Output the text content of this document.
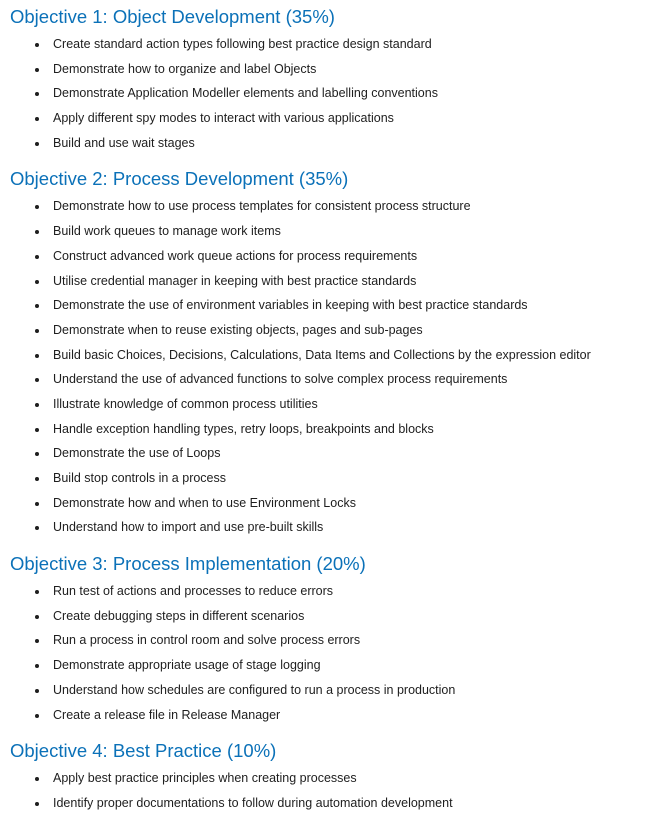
Objective 1: Object Development (35%)
Create standard action types following best practice design standard
Demonstrate how to organize and label Objects
Demonstrate Application Modeller elements and labelling conventions
Apply different spy modes to interact with various applications
Build and use wait stages
Objective 2: Process Development (35%)
Demonstrate how to use process templates for consistent process structure
Build work queues to manage work items
Construct advanced work queue actions for process requirements
Utilise credential manager in keeping with best practice standards
Demonstrate the use of environment variables in keeping with best practice standards
Demonstrate when to reuse existing objects, pages and sub-pages
Build basic Choices, Decisions, Calculations, Data Items and Collections by the expression editor
Understand the use of advanced functions to solve complex process requirements
Illustrate knowledge of common process utilities
Handle exception handling types, retry loops, breakpoints and blocks
Demonstrate the use of Loops
Build stop controls in a process
Demonstrate how and when to use Environment Locks
Understand how to import and use pre-built skills
Objective 3: Process Implementation (20%)
Run test of actions and processes to reduce errors
Create debugging steps in different scenarios
Run a process in control room and solve process errors
Demonstrate appropriate usage of stage logging
Understand how schedules are configured to run a process in production
Create a release file in Release Manager
Objective 4: Best Practice (10%)
Apply best practice principles when creating processes
Identify proper documentations to follow during automation development
